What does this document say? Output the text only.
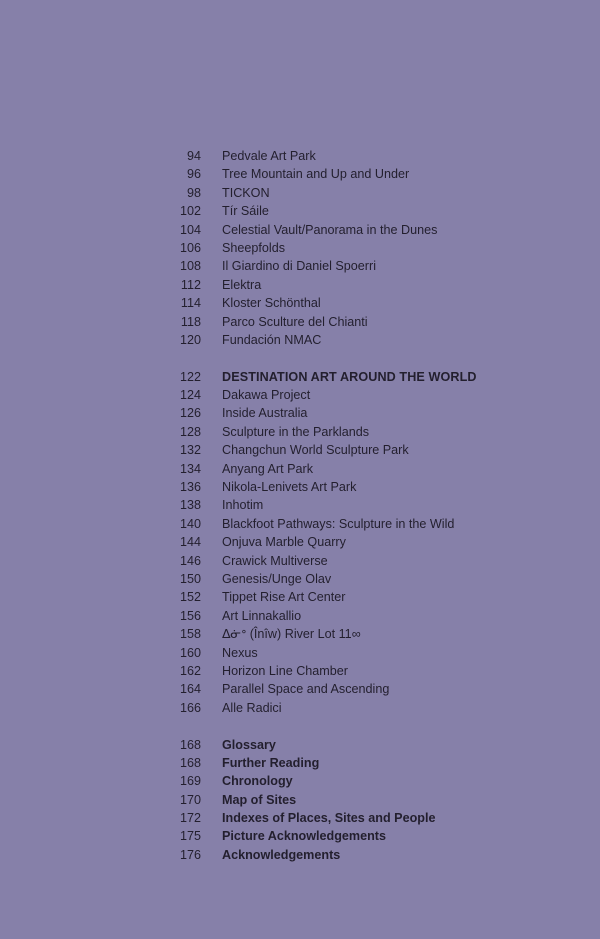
94 Pedvale Art Park
96 Tree Mountain and Up and Under
98 TICKON
102 Tír Sáile
104 Celestial Vault/Panorama in the Dunes
106 Sheepfolds
108 Il Giardino di Daniel Spoerri
112 Elektra
114 Kloster Schönthal
118 Parco Sculture del Chianti
120 Fundación NMAC
122 DESTINATION ART AROUND THE WORLD
124 Dakawa Project
126 Inside Australia
128 Sculpture in the Parklands
132 Changchun World Sculpture Park
134 Anyang Art Park
136 Nikola-Lenivets Art Park
138 Inhotim
140 Blackfoot Pathways: Sculpture in the Wild
144 Onjuva Marble Quarry
146 Crawick Multiverse
150 Genesis/Unge Olav
152 Tippet Rise Art Center
156 Art Linnakallio
158 ᐃᓃᐤ (Înîw) River Lot 11∞
160 Nexus
162 Horizon Line Chamber
164 Parallel Space and Ascending
166 Alle Radici
168 Glossary
168 Further Reading
169 Chronology
170 Map of Sites
172 Indexes of Places, Sites and People
175 Picture Acknowledgements
176 Acknowledgements
